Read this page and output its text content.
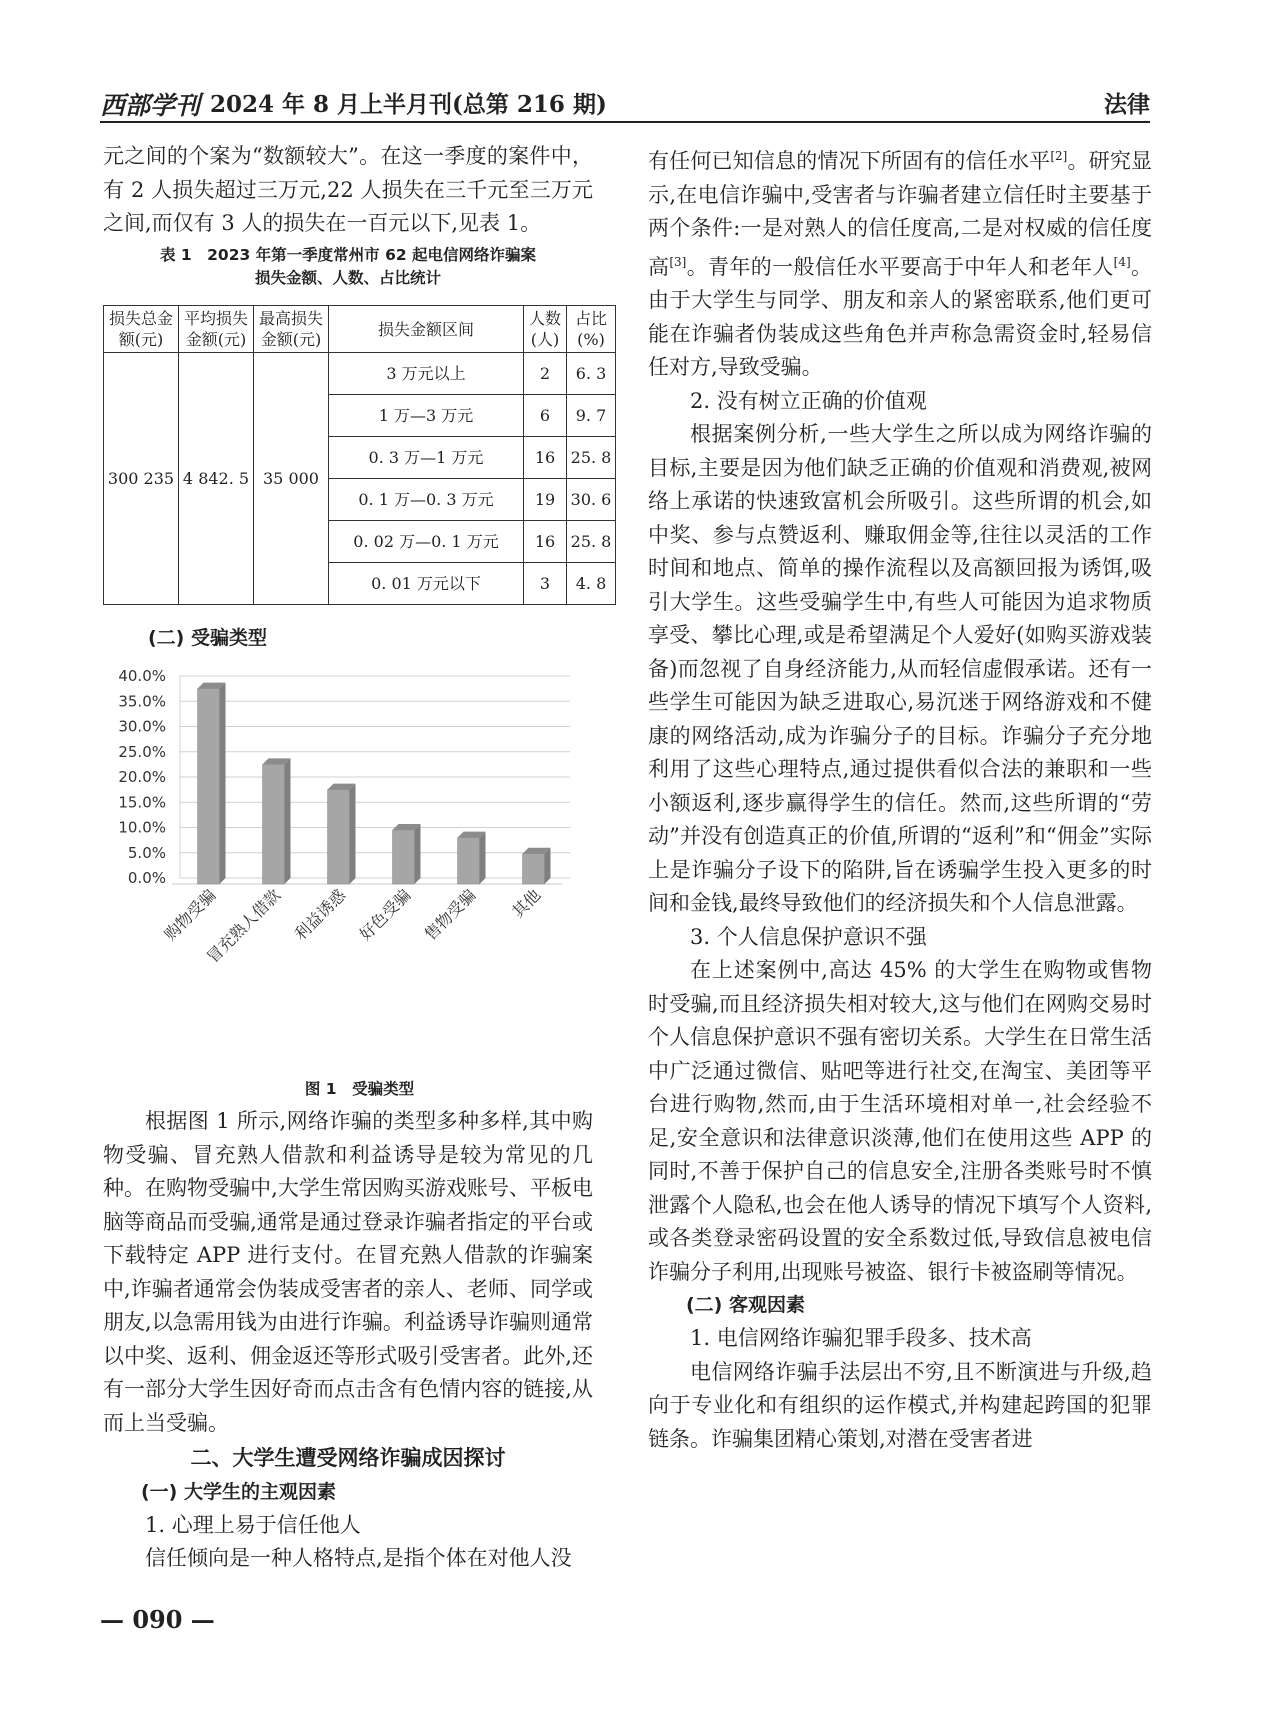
西部学刊 2024 年 8 月上半月刊(总第 216 期)	法律

元之间的个案为“数额较大”。在这一季度的案件中，有 2 人损失超过三万元,22 人损失在三千元至三万元之间,而仅有 3 人的损失在一百元以下,见表 1。

表 1　2023 年第一季度常州市 62 起电信网络诈骗案
损失金额、人数、占比统计
损失总金额(元)	平均损失金额(元)	最高损失金额(元)	损失金额区间	人数(人)	占比(%)
300 235	4 842. 5	35 000	3 万元以上	2	6. 3
			1 万—3 万元	6	9. 7
			0. 3 万—1 万元	16	25. 8
			0. 1 万—0. 3 万元	19	30. 6
			0. 02 万—0. 1 万元	16	25. 8
			0. 01 万元以下	3	4. 8
(二) 受骗类型
0.0%
5.0%
10.0%
15.0%
20.0%
25.0%
30.0%
35.0%
40.0%
购物受骗
冒充熟人借款 利益诱惑 好色受骗 售物受骗 其他
图 1　受骗类型

根据图 1 所示,网络诈骗的类型多种多样,其中购物受骗、冒充熟人借款和利益诱导是较为常见的几种。在购物受骗中,大学生常因购买游戏账号、平板电脑等商品而受骗,通常是通过登录诈骗者指定的平台或下载特定 APP 进行支付。在冒充熟人借款的诈骗案中,诈骗者通常会伪装成受害者的亲人、老师、同学或朋友,以急需用钱为由进行诈骗。利益诱导诈骗则通常以中奖、返利、佣金返还等形式吸引受害者。此外,还有一部分大学生因好奇而点击含有色情内容的链接,从而上当受骗。

二、大学生遭受网络诈骗成因探讨

(一) 大学生的主观因素

1. 心理上易于信任他人

信任倾向是一种人格特点,是指个体在对他人没

有任何已知信息的情况下所固有的信任水平[2]。研究显示,在电信诈骗中,受害者与诈骗者建立信任时主要基于两个条件:一是对熟人的信任度高,二是对权威的信任度高[3]。青年的一般信任水平要高于中年人和老年人[4]。由于大学生与同学、朋友和亲人的紧密联系,他们更可能在诈骗者伪装成这些角色并声称急需资金时,轻易信任对方,导致受骗。

2. 没有树立正确的价值观

根据案例分析,一些大学生之所以成为网络诈骗的目标,主要是因为他们缺乏正确的价值观和消费观,被网络上承诺的快速致富机会所吸引。这些所谓的机会,如中奖、参与点赞返利、赚取佣金等,往往以灵活的工作时间和地点、简单的操作流程以及高额回报为诱饵,吸引大学生。这些受骗学生中,有些人可能因为追求物质享受、攀比心理,或是希望满足个人爱好(如购买游戏装备)而忽视了自身经济能力,从而轻信虚假承诺。还有一些学生可能因为缺乏进取心,易沉迷于网络游戏和不健康的网络活动,成为诈骗分子的目标。诈骗分子充分地利用了这些心理特点,通过提供看似合法的兼职和一些小额返利,逐步赢得学生的信任。然而,这些所谓的“劳动”并没有创造真正的价值,所谓的“返利”和“佣金”实际上是诈骗分子设下的陷阱,旨在诱骗学生投入更多的时间和金钱,最终导致他们的经济损失和个人信息泄露。

3. 个人信息保护意识不强

在上述案例中,高达 45% 的大学生在购物或售物时受骗,而且经济损失相对较大,这与他们在网购交易时个人信息保护意识不强有密切关系。大学生在日常生活中广泛通过微信、贴吧等进行社交,在淘宝、美团等平台进行购物,然而,由于生活环境相对单一,社会经验不足,安全意识和法律意识淡薄,他们在使用这些 APP 的同时,不善于保护自己的信息安全,注册各类账号时不慎泄露个人隐私,也会在他人诱导的情况下填写个人资料,或各类登录密码设置的安全系数过低,导致信息被电信诈骗分子利用,出现账号被盗、银行卡被盗刷等情况。

(二) 客观因素

1. 电信网络诈骗犯罪手段多、技术高

电信网络诈骗手法层出不穷,且不断演进与升级,趋向于专业化和有组织的运作模式,并构建起跨国的犯罪链条。诈骗集团精心策划,对潜在受害者进

— 090 —
